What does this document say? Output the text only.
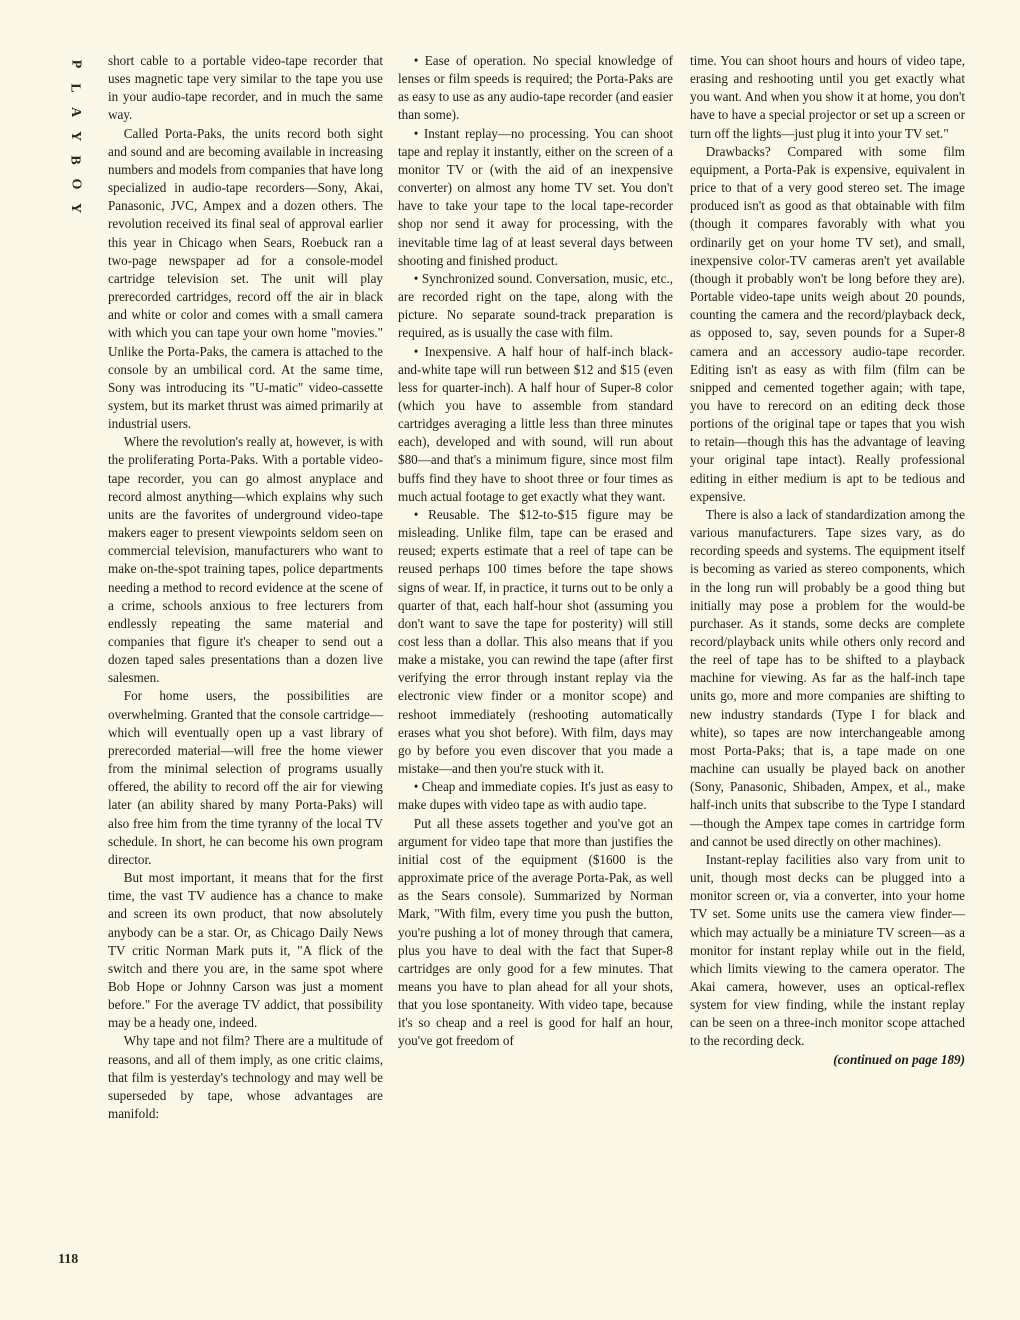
P
L
A
Y
B
O
Y

short cable to a portable video-tape recorder that uses magnetic tape very similar to the tape you use in your audio-tape recorder, and in much the same way.

Called Porta-Paks, the units record both sight and sound and are becoming available in increasing numbers and models from companies that have long specialized in audio-tape recorders—Sony, Akai, Panasonic, JVC, Ampex and a dozen others. The revolution received its final seal of approval earlier this year in Chicago when Sears, Roebuck ran a two-page newspaper ad for a console-model cartridge television set. The unit will play prerecorded cartridges, record off the air in black and white or color and comes with a small camera with which you can tape your own home "movies." Unlike the Porta-Paks, the camera is attached to the console by an umbilical cord. At the same time, Sony was introducing its "U-matic" video-cassette system, but its market thrust was aimed primarily at industrial users.

Where the revolution's really at, however, is with the proliferating Porta-Paks. With a portable video-tape recorder, you can go almost anyplace and record almost anything—which explains why such units are the favorites of underground video-tape makers eager to present viewpoints seldom seen on commercial television, manufacturers who want to make on-the-spot training tapes, police departments needing a method to record evidence at the scene of a crime, schools anxious to free lecturers from endlessly repeating the same material and companies that figure it's cheaper to send out a dozen taped sales presentations than a dozen live salesmen.

For home users, the possibilities are overwhelming. Granted that the console cartridge—which will eventually open up a vast library of prerecorded material—will free the home viewer from the minimal selection of programs usually offered, the ability to record off the air for viewing later (an ability shared by many Porta-Paks) will also free him from the time tyranny of the local TV schedule. In short, he can become his own program director.

But most important, it means that for the first time, the vast TV audience has a chance to make and screen its own product, that now absolutely anybody can be a star. Or, as Chicago Daily News TV critic Norman Mark puts it, "A flick of the switch and there you are, in the same spot where Bob Hope or Johnny Carson was just a moment before." For the average TV addict, that possibility may be a heady one, indeed.

Why tape and not film? There are a multitude of reasons, and all of them imply, as one critic claims, that film is yesterday's technology and may well be superseded by tape, whose advantages are manifold:

• Ease of operation. No special knowledge of lenses or film speeds is required; the Porta-Paks are as easy to use as any audio-tape recorder (and easier than some).

• Instant replay—no processing. You can shoot tape and replay it instantly, either on the screen of a monitor TV or (with the aid of an inexpensive converter) on almost any home TV set. You don't have to take your tape to the local tape-recorder shop nor send it away for processing, with the inevitable time lag of at least several days between shooting and finished product.

• Synchronized sound. Conversation, music, etc., are recorded right on the tape, along with the picture. No separate sound-track preparation is required, as is usually the case with film.

• Inexpensive. A half hour of half-inch black-and-white tape will run between $12 and $15 (even less for quarter-inch). A half hour of Super-8 color (which you have to assemble from standard cartridges averaging a little less than three minutes each), developed and with sound, will run about $80—and that's a minimum figure, since most film buffs find they have to shoot three or four times as much actual footage to get exactly what they want.

• Reusable. The $12-to-$15 figure may be misleading. Unlike film, tape can be erased and reused; experts estimate that a reel of tape can be reused perhaps 100 times before the tape shows signs of wear. If, in practice, it turns out to be only a quarter of that, each half-hour shot (assuming you don't want to save the tape for posterity) will still cost less than a dollar. This also means that if you make a mistake, you can rewind the tape (after first verifying the error through instant replay via the electronic view finder or a monitor scope) and reshoot immediately (reshooting automatically erases what you shot before). With film, days may go by before you even discover that you made a mistake—and then you're stuck with it.

• Cheap and immediate copies. It's just as easy to make dupes with video tape as with audio tape.

Put all these assets together and you've got an argument for video tape that more than justifies the initial cost of the equipment ($1600 is the approximate price of the average Porta-Pak, as well as the Sears console). Summarized by Norman Mark, "With film, every time you push the button, you're pushing a lot of money through that camera, plus you have to deal with the fact that Super-8 cartridges are only good for a few minutes. That means you have to plan ahead for all your shots, that you lose spontaneity. With video tape, because it's so cheap and a reel is good for half an hour, you've got freedom of

time. You can shoot hours and hours of video tape, erasing and reshooting until you get exactly what you want. And when you show it at home, you don't have to have a special projector or set up a screen or turn off the lights—just plug it into your TV set."

Drawbacks? Compared with some film equipment, a Porta-Pak is expensive, equivalent in price to that of a very good stereo set. The image produced isn't as good as that obtainable with film (though it compares favorably with what you ordinarily get on your home TV set), and small, inexpensive color-TV cameras aren't yet available (though it probably won't be long before they are). Portable video-tape units weigh about 20 pounds, counting the camera and the record/playback deck, as opposed to, say, seven pounds for a Super-8 camera and an accessory audio-tape recorder. Editing isn't as easy as with film (film can be snipped and cemented together again; with tape, you have to rerecord on an editing deck those portions of the original tape or tapes that you wish to retain—though this has the advantage of leaving your original tape intact). Really professional editing in either medium is apt to be tedious and expensive.

There is also a lack of standardization among the various manufacturers. Tape sizes vary, as do recording speeds and systems. The equipment itself is becoming as varied as stereo components, which in the long run will probably be a good thing but initially may pose a problem for the would-be purchaser. As it stands, some decks are complete record/playback units while others only record and the reel of tape has to be shifted to a playback machine for viewing. As far as the half-inch tape units go, more and more companies are shifting to new industry standards (Type I for black and white), so tapes are now interchangeable among most Porta-Paks; that is, a tape made on one machine can usually be played back on another (Sony, Panasonic, Shibaden, Ampex, et al., make half-inch units that subscribe to the Type I standard—though the Ampex tape comes in cartridge form and cannot be used directly on other machines).

Instant-replay facilities also vary from unit to unit, though most decks can be plugged into a monitor screen or, via a converter, into your home TV set. Some units use the camera view finder—which may actually be a miniature TV screen—as a monitor for instant replay while out in the field, which limits viewing to the camera operator. The Akai camera, however, uses an optical-reflex system for view finding, while the instant replay can be seen on a three-inch monitor scope attached to the recording deck.

(continued on page 189)

118
